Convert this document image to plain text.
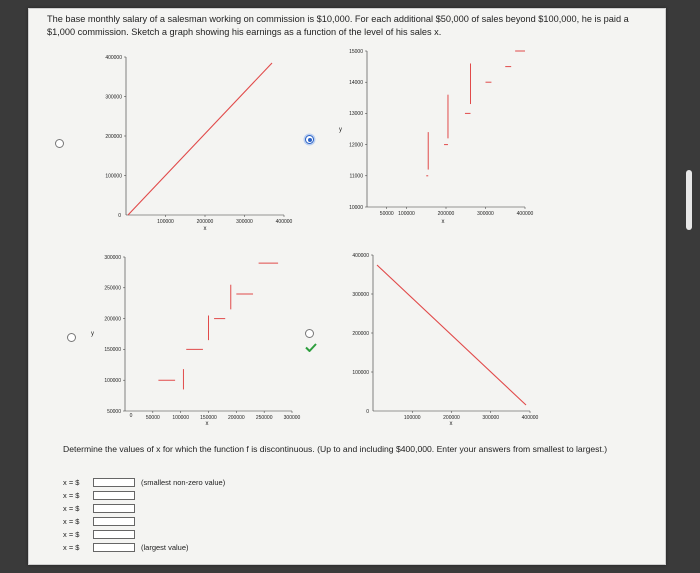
The base monthly salary of a salesman working on commission is $10,000. For each additional $50,000 of sales beyond $100,000, he is paid a $1,000 commission. Sketch a graph showing his earnings as a function of the level of his sales x.
100000
200000
300000
400000
100000	200000	300000	400000
0
x
10000
11000
12000
13000
14000
15000
50000 100000	200000	300000	400000
y
x
50000
100000
150000
200000
250000
300000
50000	100000 150000 200000 250000 300000
0
y
x
100000
200000
300000
400000
100000	200000	300000	400000
0
x
Determine the values of x for which the function f is discontinuous. (Up to and including $400,000. Enter your answers from smallest to largest.)
x = $	(smallest non-zero value)
x = $
x = $
x = $
x = $
x = $	(largest value)
